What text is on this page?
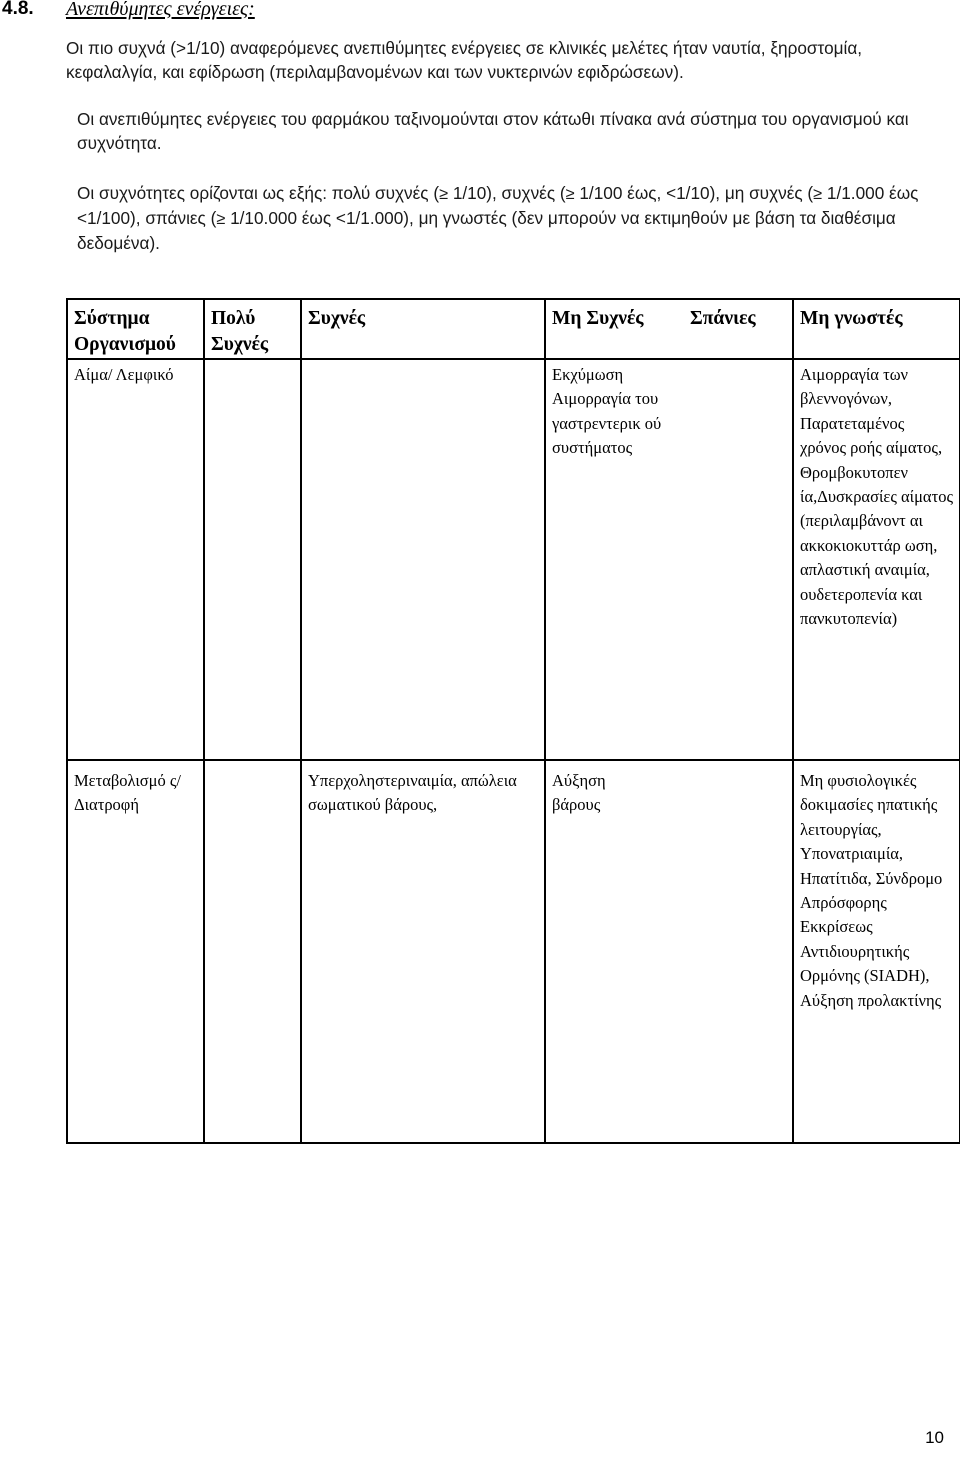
4.8. Ανεπιθύμητες ενέργειες:
Οι πιο συχνά (>1/10) αναφερόμενες ανεπιθύμητες ενέργειες σε κλινικές μελέτες ήταν ναυτία, ξηροστομία, κεφαλαλγία, και εφίδρωση (περιλαμβανομένων και των νυκτερινών εφιδρώσεων).
Οι ανεπιθύμητες ενέργειες του φαρμάκου ταξινομούνται στον κάτωθι πίνακα ανά σύστημα του οργανισμού και συχνότητα.
Οι συχνότητες ορίζονται ως εξής: πολύ συχνές (≥ 1/10), συχνές (≥ 1/100 έως, <1/10), μη συχνές (≥ 1/1.000 έως <1/100), σπάνιες (≥ 1/10.000 έως <1/1.000), μη γνωστές (δεν μπορούν να εκτιμηθούν με βάση τα διαθέσιμα δεδομένα).
Σύστημα Οργανισμού	Πολύ Συχνές	Συχνές	Μη Συχνές Σπάνιες	Μη γνωστές
Αίμα/ Λεμφικό			Εκχύμωση Αιμορραγία του γαστρεντερικ ού συστήματος	Αιμορραγία των βλεννογόνων, Παρατεταμένος χρόνος ροής αίματος, Θρομβοκυτοπεν ία,Δυσκρασίες αίματος (περιλαμβάνοντ αι ακκοκιοκυττάρ ωση, απλαστική αναιμία, ουδετεροπενία και πανκυτοπενία)
Μεταβολισμό ς/Διατροφή		Υπερχοληστεριναιμία, απώλεια σωματικού βάρους,	Αύξηση βάρους	Μη φυσιολογικές δοκιμασίες ηπατικής λειτουργίας, Υπονατριαιμία, Ηπατίτιδα, Σύνδρομο Απρόσφορης Εκκρίσεως Αντιδιουρητικής Ορμόνης (SIADH), Αύξηση προλακτίνης
10
